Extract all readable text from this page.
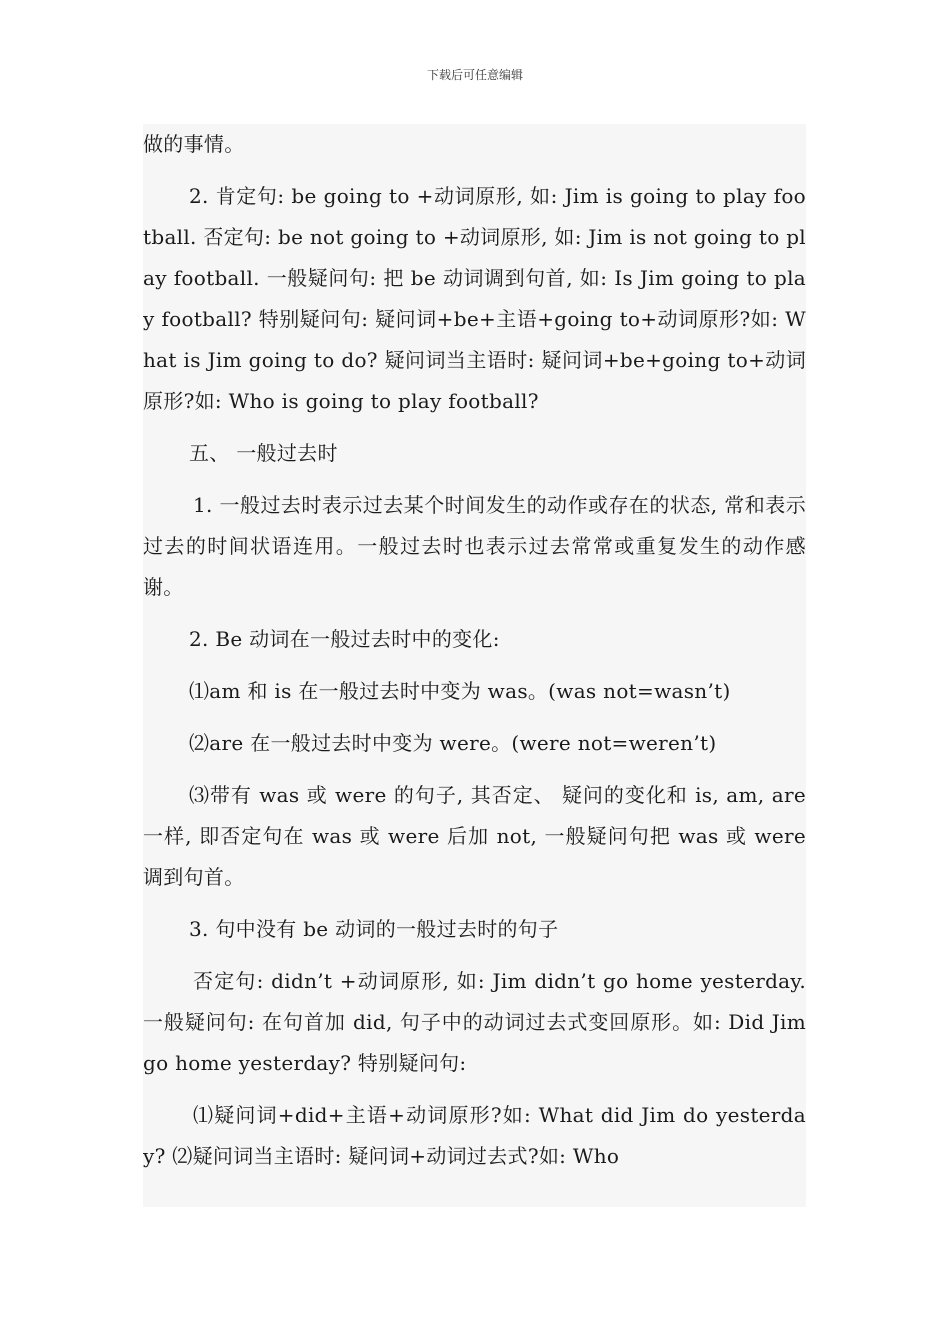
下载后可任意编辑

做的事情。

2. 肯定句: be going to +动词原形, 如: Jim is going to play football. 否定句: be not going to +动词原形, 如: Jim is not going to play football. 一般疑问句: 把 be 动词调到句首, 如: Is Jim going to play football? 特别疑问句: 疑问词+be+主语+going to+动词原形?如: What is Jim going to do? 疑问词当主语时: 疑问词+be+going to+动词原形?如: Who is going to play football?

五、 一般过去时

1. 一般过去时表示过去某个时间发生的动作或存在的状态, 常和表示过去的时间状语连用。一般过去时也表示过去常常或重复发生的动作感谢。

2. Be 动词在一般过去时中的变化:

⑴am 和 is 在一般过去时中变为 was。(was not=wasn’t)

⑵are 在一般过去时中变为 were。(were not=weren’t)

⑶带有 was 或 were 的句子, 其否定、 疑问的变化和 is, am, are 一样, 即否定句在 was 或 were 后加 not, 一般疑问句把 was 或 were 调到句首。

3. 句中没有 be 动词的一般过去时的句子

否定句: didn’t +动词原形, 如: Jim didn’t go home yesterday. 一般疑问句: 在句首加 did, 句子中的动词过去式变回原形。如: Did Jim go home yesterday? 特别疑问句:

⑴疑问词+did+主语+动词原形?如: What did Jim do yesterday? ⑵疑问词当主语时: 疑问词+动词过去式?如: Who
